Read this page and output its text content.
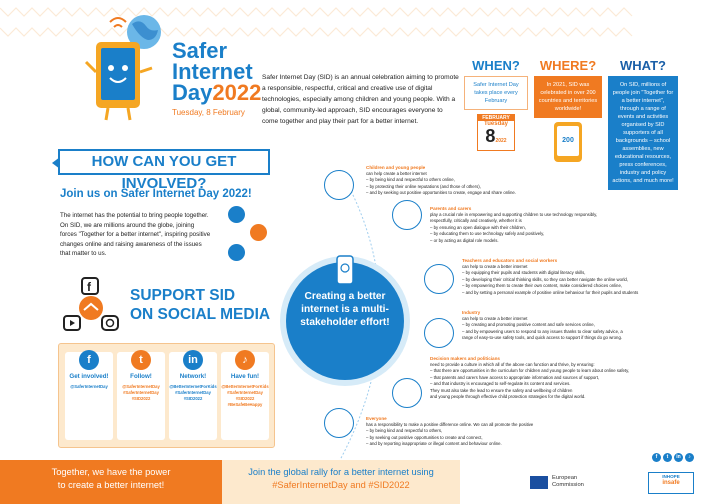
Safer
Internet
Day2022
Tuesday, 8 February
Safer Internet Day (SID) is an annual celebration aiming to promote a responsible, respectful, critical and creative use of digital technologies, especially among children and young people. With a global, community-led approach, SID encourages everyone to come together and play their part for a better internet.
WHEN?
Safer Internet Day takes place every February
FEBRUARY
Tuesday
82022
WHERE?
In 2021, SID was celebrated in over 200 countries and territories worldwide!
200
WHAT?
On SID, millions of people join "Together for a better internet", through a range of events and activities organised by SID supporters of all backgrounds – school assemblies, new educational resources, press conferences, industry and policy actions, and much more!
HOW CAN YOU GET INVOLVED?
Join us on Safer Internet Day 2022!
The internet has the potential to bring people together. On SID, we are millions around the globe, joining forces "Together for a better internet", inspiring positive changes online and raising awareness of the issues that matter to us.
f	SUPPORT SID
ON SOCIAL MEDIA
f
Get involved!
@SaferInternetDay
t
Follow!
@SaferInternetDay
#SaferInternetDay
#SID2022
in
Network!
@BetterInternetForKids
#SaferInternetDay
#SID2022
♪
Have fun!
@BetterInternetForKids
#SaferInternetDay
#SID2022
#BeSafeBeHappy
Creating a better internet is a multi-stakeholder effort!
Children and young people
can help create a better internet
– by being kind and respectful to others online,
– by protecting their online reputations (and those of others),
– and by seeking out positive opportunities to create, engage and share online.
Parents and carers
play a crucial role in empowering and supporting children to use technology responsibly,
respectfully, critically and creatively, whether it is
– by ensuring an open dialogue with their children,
– by educating them to use technology safely and positively,
– or by acting as digital role models.
Teachers and educators and social workers
can help to create a better internet
– by equipping their pupils and students with digital literacy skills,
– by developing their critical thinking skills, so they can better navigate the online world,
– by empowering them to create their own content, make considered choices online,
– and by setting a personal example of positive online behaviour for their pupils and students
Industry
can help to create a better internet
– by creating and promoting positive content and safe services online,
– and by empowering users to respond to any issues thanks to clear safety advice, a
range of easy-to-use safety tools, and quick access to support if things do go wrong.
Decision makers and politicians
need to provide a culture in which all of the above can function and thrive, by ensuring:
– that there are opportunities in the curriculum for children and young people to learn about online safety,
– that parents and carers have access to appropriate information and sources of support,
– and that industry is encouraged to self-regulate its content and services.
They must also take the lead to ensure the safety and wellbeing of children
and young people through effective child protection strategies for the digital world.
Everyone
has a responsibility to make a positive difference online. We can all promote the positive
– by being kind and respectful to others,
– by seeking out positive opportunities to create and connect,
– and by reporting inappropriate or illegal content and behaviour online.
f	t	in	♪
Together, we have the power
to create a better internet!
Join the global rally for a better internet using
#SaferInternetDay and #SID2022
European
Commission
INHOPE
insafe
